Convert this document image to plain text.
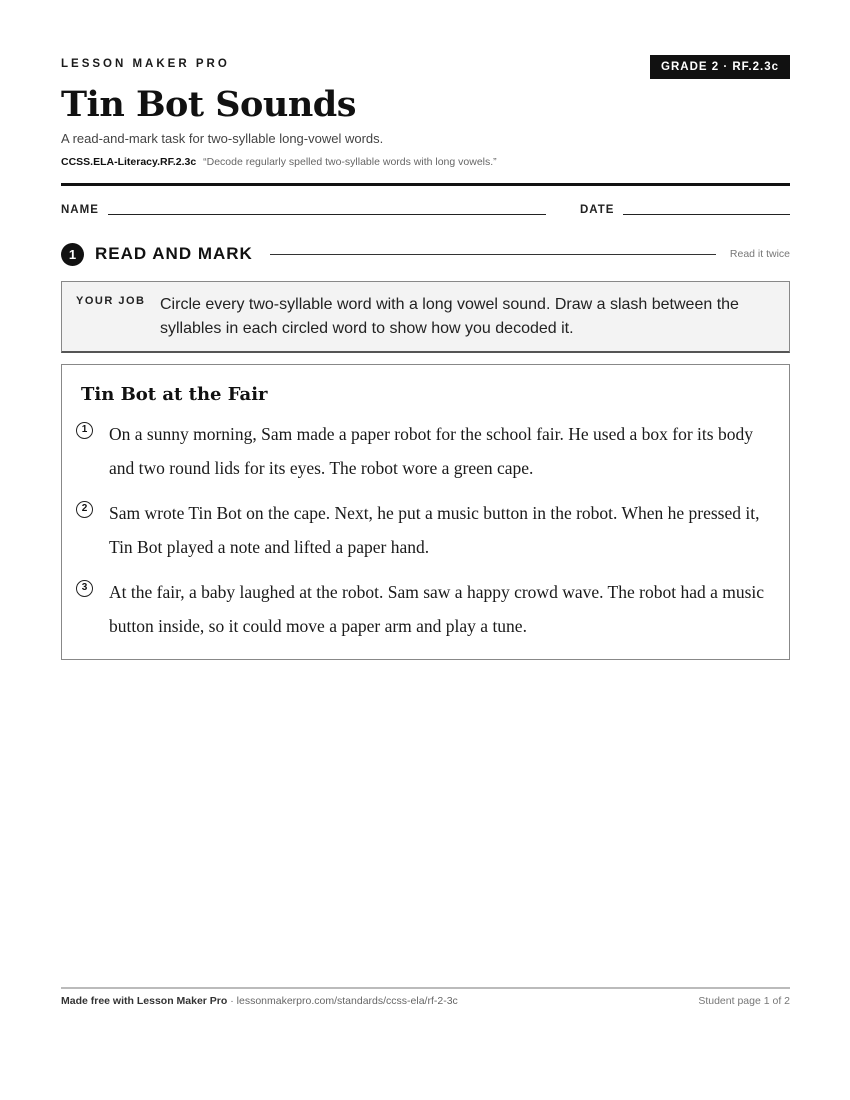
LESSON MAKER PRO	GRADE 2 · RF.2.3c
Tin Bot Sounds
A read-and-mark task for two-syllable long-vowel words.
CCSS.ELA-Literacy.RF.2.3c “Decode regularly spelled two-syllable words with long vowels.”
NAME	DATE
1	READ AND MARK	Read it twice
YOUR JOB Circle every two-syllable word with a long vowel sound. Draw a slash between the syllables in each circled word to show how you decoded it.
Tin Bot at the Fair
1	On a sunny morning, Sam made a paper robot for the school fair. He used a box for its body and two round lids for its eyes. The robot wore a green cape.
2	Sam wrote Tin Bot on the cape. Next, he put a music button in the robot. When he pressed it, Tin Bot played a note and lifted a paper hand.
3	At the fair, a baby laughed at the robot. Sam saw a happy crowd wave. The robot had a music button inside, so it could move a paper arm and play a tune.
Made free with Lesson Maker Pro · lessonmakerpro.com/standards/ccss-ela/rf-2-3c	Student page 1 of 2
